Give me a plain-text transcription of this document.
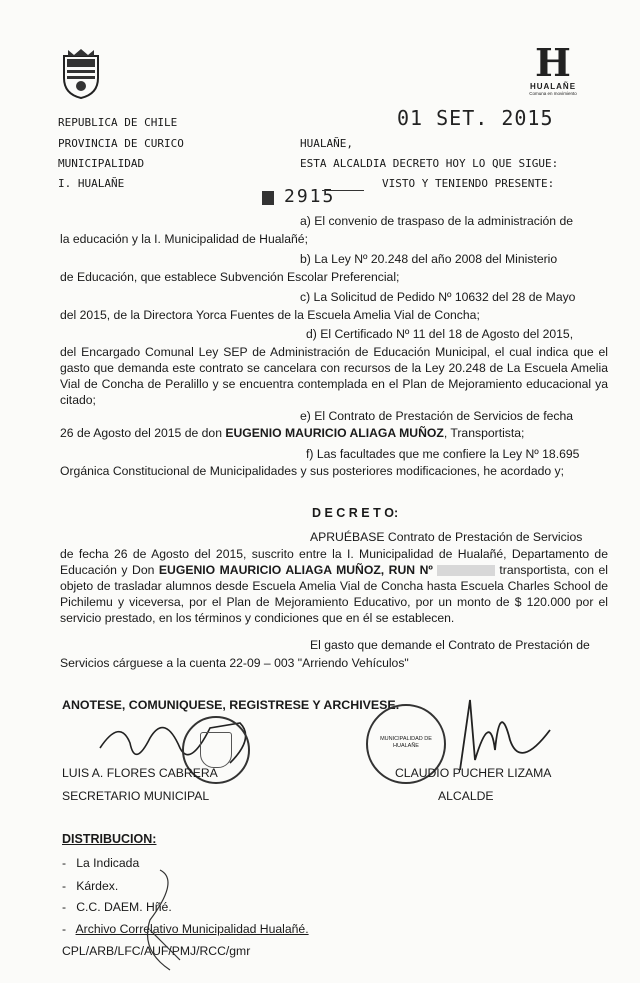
H
HUALAÑE
Comuna en movimiento
REPUBLICA DE CHILE
PROVINCIA DE CURICO
MUNICIPALIDAD
I. HUALAÑE
HUALAÑE,
ESTA ALCALDIA DECRETO HOY LO QUE SIGUE:
VISTO Y TENIENDO PRESENTE:
01 SET. 2015
2915
a) El convenio de traspaso de la administración de
la educación y la I. Municipalidad de Hualañé;
b) La Ley Nº 20.248 del año 2008 del Ministerio
de Educación, que establece Subvención Escolar Preferencial;
c) La Solicitud de Pedido Nº 10632 del 28 de Mayo
del 2015, de la Directora Yorca Fuentes de la Escuela Amelia Vial de Concha;
d) El Certificado Nº 11 del 18 de Agosto del 2015,
del Encargado Comunal Ley SEP de Administración de Educación Municipal, el cual indica que el gasto que demanda este contrato se cancelara con recursos de la Ley 20.248 de La Escuela Amelia Vial de Concha de Peralillo y se encuentra contemplada en el Plan de Mejoramiento educacional ya citado;
e) El Contrato de Prestación de Servicios de fecha
26 de Agosto del 2015 de don EUGENIO MAURICIO ALIAGA MUÑOZ, Transportista;
f) Las facultades que me confiere la Ley Nº 18.695
Orgánica Constitucional de Municipalidades y sus posteriores modificaciones, he acordado y;
D E C R E T O:
APRUÉBASE Contrato de Prestación de Servicios
de fecha 26 de Agosto del 2015, suscrito entre la I. Municipalidad de Hualañé, Departamento de Educación y Don EUGENIO MAURICIO ALIAGA MUÑOZ, RUN Nº	transportista, con el objeto de trasladar alumnos desde Escuela Amelia Vial de Concha hasta Escuela Charles School de Pichilemu y viceversa, por el Plan de Mejoramiento Educativo, por un monto de $ 120.000 por el servicio prestado, en los términos y condiciones que en él se establecen.
El gasto que demande el Contrato de Prestación de
Servicios cárguese a la cuenta 22-09 – 003 "Arriendo Vehículos"
ANOTESE, COMUNIQUESE, REGISTRESE Y ARCHIVESE.
MUNICIPALIDAD DE HUALAÑE
LUIS A. FLORES CABRERA
SECRETARIO MUNICIPAL
CLAUDIO PUCHER LIZAMA
ALCALDE
DISTRIBUCION:
-   La Indicada
-   Kárdex.
-   C.C. DAEM. Hñé.
-   Archivo Correlativo Municipalidad Hualañé.
CPL/ARB/LFC/AUF/PMJ/RCC/gmr
